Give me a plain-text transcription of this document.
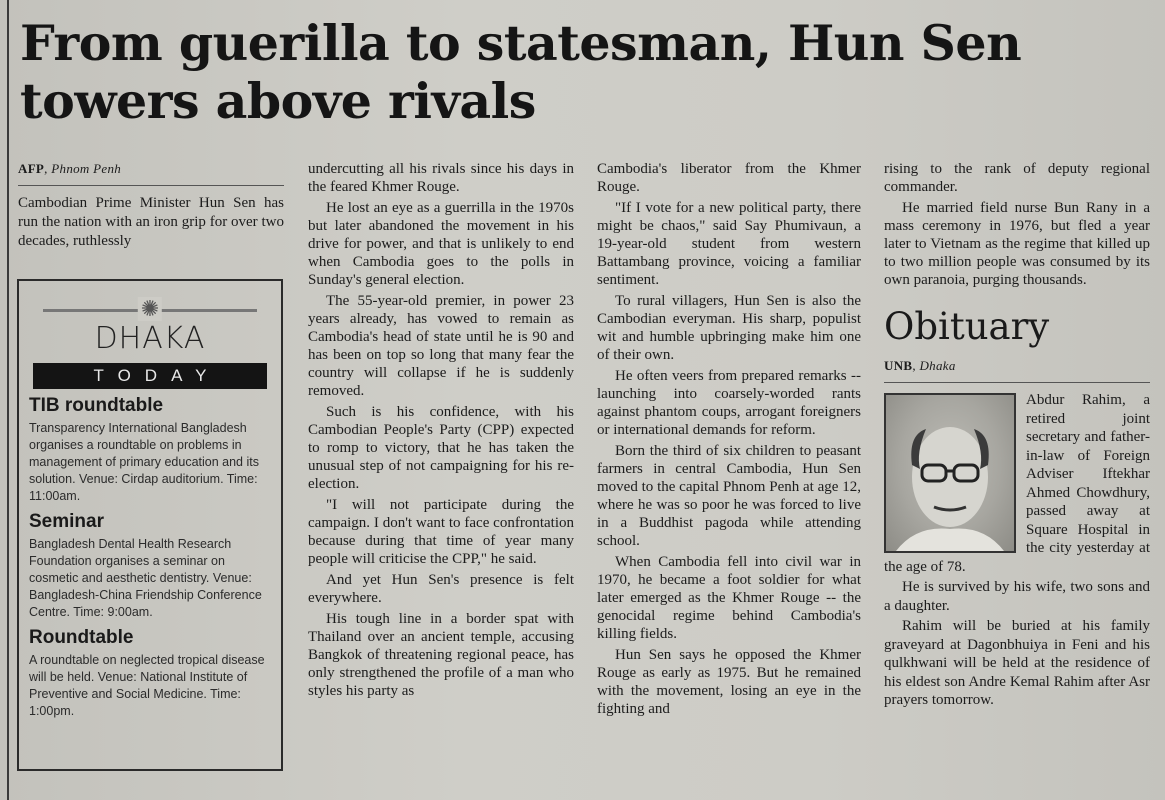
From guerilla to statesman, Hun Sen towers above rivals
AFP, Phnom Penh
Cambodian Prime Minister Hun Sen has run the nation with an iron grip for over two decades, ruthlessly
✺
DHAKA
TODAY
TIB roundtable
Transparency International Bangladesh organises a roundtable on problems in management of primary education and its solution. Venue: Cirdap auditorium. Time: 11:00am.
Seminar
Bangladesh Dental Health Research Foundation organises a seminar on cosmetic and aesthetic dentistry. Venue: Bangladesh-China Friendship Conference Centre. Time: 9:00am.
Roundtable
A roundtable on neglected tropical disease will be held. Venue: National Institute of Preventive and Social Medicine. Time: 1:00pm.

undercutting all his rivals since his days in the feared Khmer Rouge.

He lost an eye as a guerrilla in the 1970s but later abandoned the movement in his drive for power, and that is unlikely to end when Cambodia goes to the polls in Sunday's general election.

The 55-year-old premier, in power 23 years already, has vowed to remain as Cambodia's head of state until he is 90 and has been on top so long that many fear the country will collapse if he is suddenly removed.

Such is his confidence, with his Cambodian People's Party (CPP) expected to romp to victory, that he has taken the unusual step of not campaigning for his re-election.

"I will not participate during the campaign. I don't want to face confrontation because during that time of year many people will criticise the CPP," he said.

And yet Hun Sen's presence is felt everywhere.

His tough line in a border spat with Thailand over an ancient temple, accusing Bangkok of threatening regional peace, has only strengthened the profile of a man who styles his party as

Cambodia's liberator from the Khmer Rouge.

"If I vote for a new political party, there might be chaos," said Say Phumivaun, a 19-year-old student from western Battambang province, voicing a familiar sentiment.

To rural villagers, Hun Sen is also the Cambodian everyman. His sharp, populist wit and humble upbringing make him one of their own.

He often veers from prepared remarks -- launching into coarsely-worded rants against phantom coups, arrogant foreigners or international demands for reform.

Born the third of six children to peasant farmers in central Cambodia, Hun Sen moved to the capital Phnom Penh at age 12, where he was so poor he was forced to live in a Buddhist pagoda while attending school.

When Cambodia fell into civil war in 1970, he became a foot soldier for what later emerged as the Khmer Rouge -- the genocidal regime behind Cambodia's killing fields.

Hun Sen says he opposed the Khmer Rouge as early as 1975. But he remained with the movement, losing an eye in the fighting and

rising to the rank of deputy regional commander.

He married field nurse Bun Rany in a mass ceremony in 1976, but fled a year later to Vietnam as the regime that killed up to two million people was consumed by its own paranoia, purging thousands.

Obituary
UNB, Dhaka

Abdur Rahim, a retired joint secretary and father-in-law of Foreign Adviser Iftekhar Ahmed Chowdhury, passed away at Square Hospital in the city yesterday at the age of 78.

He is survived by his wife, two sons and a daughter.

Rahim will be buried at his family graveyard at Dagonbhuiya in Feni and his qulkhwani will be held at the residence of his eldest son Andre Kemal Rahim after Asr prayers tomorrow.
